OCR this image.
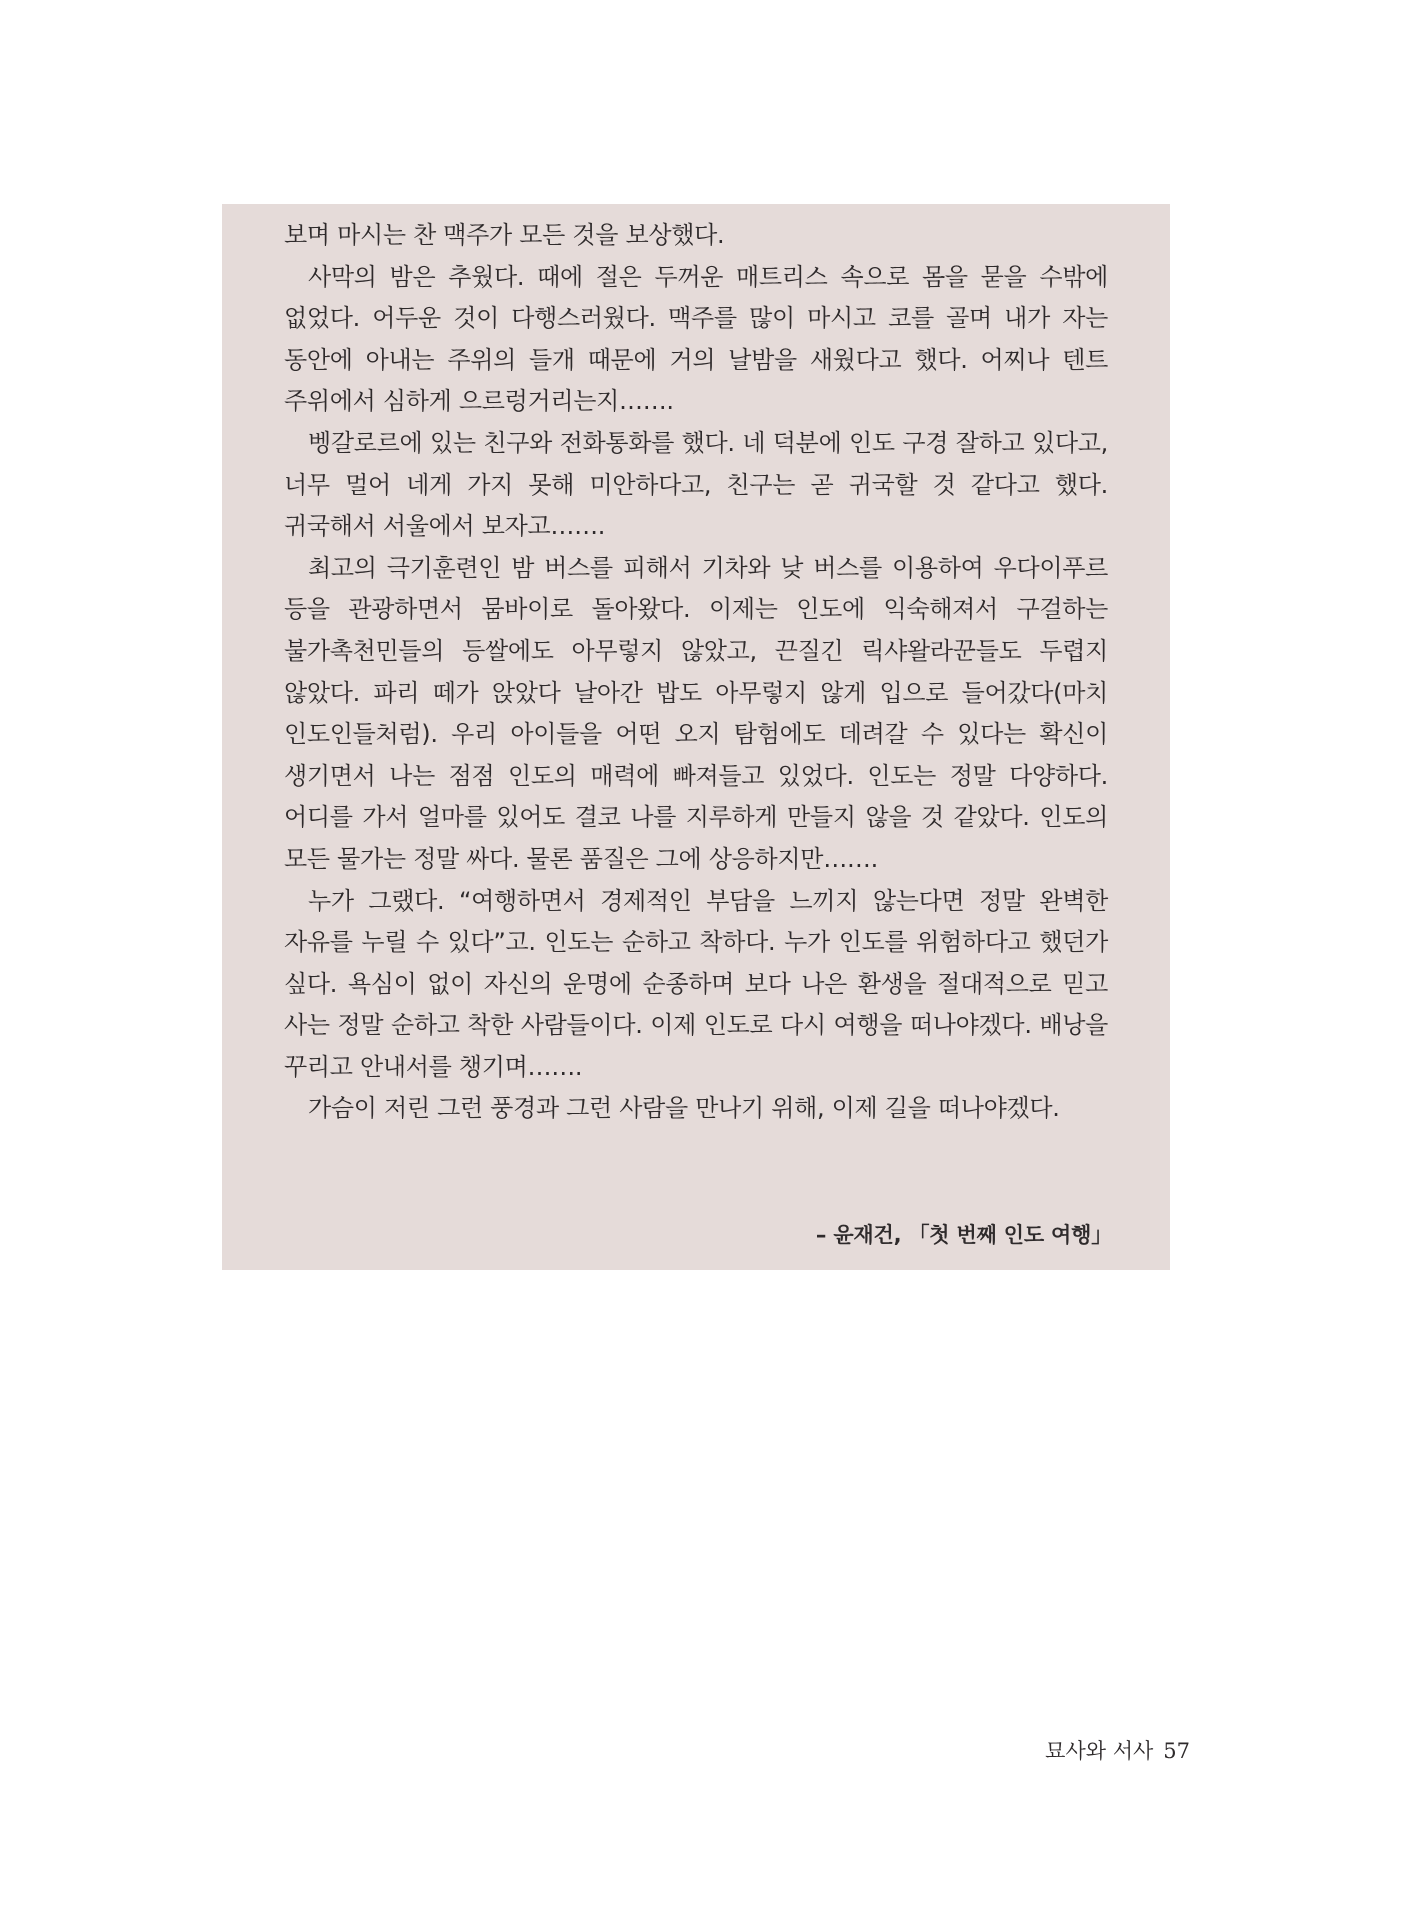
보며 마시는 찬 맥주가 모든 것을 보상했다.

사막의 밤은 추웠다. 때에 절은 두꺼운 매트리스 속으로 몸을 묻을 수밖에 없었다. 어두운 것이 다행스러웠다. 맥주를 많이 마시고 코를 골며 내가 자는 동안에 아내는 주위의 들개 때문에 거의 날밤을 새웠다고 했다. 어찌나 텐트 주위에서 심하게 으르렁거리는지…….

벵갈로르에 있는 친구와 전화통화를 했다. 네 덕분에 인도 구경 잘하고 있다고, 너무 멀어 네게 가지 못해 미안하다고, 친구는 곧 귀국할 것 같다고 했다. 귀국해서 서울에서 보자고…….

최고의 극기훈련인 밤 버스를 피해서 기차와 낮 버스를 이용하여 우다이푸르 등을 관광하면서 뭄바이로 돌아왔다. 이제는 인도에 익숙해져서 구걸하는 불가촉천민들의 등쌀에도 아무렇지 않았고, 끈질긴 릭샤왈라꾼들도 두렵지 않았다. 파리 떼가 앉았다 날아간 밥도 아무렇지 않게 입으로 들어갔다(마치 인도인들처럼). 우리 아이들을 어떤 오지 탐험에도 데려갈 수 있다는 확신이 생기면서 나는 점점 인도의 매력에 빠져들고 있었다. 인도는 정말 다양하다. 어디를 가서 얼마를 있어도 결코 나를 지루하게 만들지 않을 것 같았다. 인도의 모든 물가는 정말 싸다. 물론 품질은 그에 상응하지만…….

누가 그랬다. “여행하면서 경제적인 부담을 느끼지 않는다면 정말 완벽한 자유를 누릴 수 있다”고. 인도는 순하고 착하다. 누가 인도를 위험하다고 했던가 싶다. 욕심이 없이 자신의 운명에 순종하며 보다 나은 환생을 절대적으로 믿고 사는 정말 순하고 착한 사람들이다. 이제 인도로 다시 여행을 떠나야겠다. 배낭을 꾸리고 안내서를 챙기며…….

가슴이 저린 그런 풍경과 그런 사람을 만나기 위해, 이제 길을 떠나야겠다.

– 윤재건, 「첫 번째 인도 여행」
묘사와 서사 57
